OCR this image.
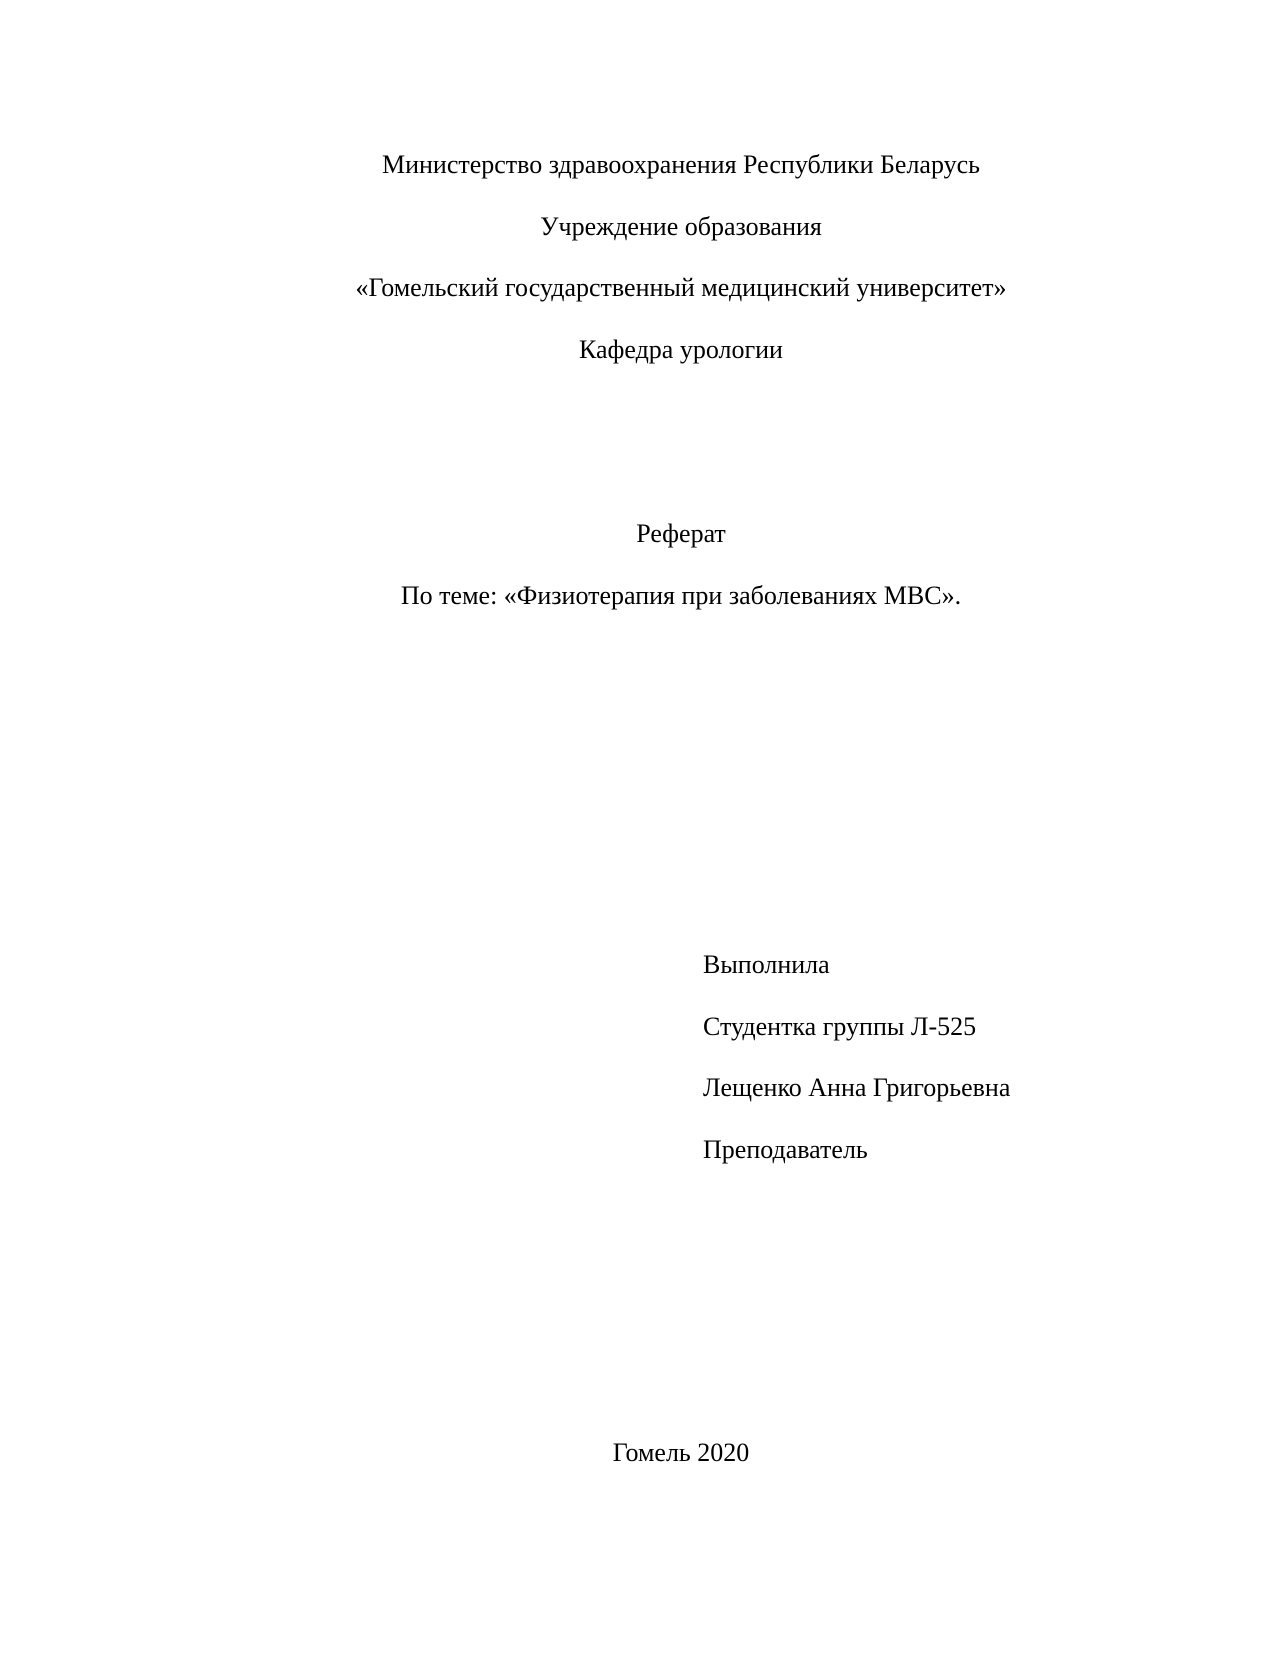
Министерство здравоохранения Республики Беларусь
Учреждение образования
«Гомельский государственный медицинский университет»
Кафедра урологии
Реферат
По теме: «Физиотерапия при заболеваниях МВС».
Выполнила
Студентка группы Л-525
Лещенко Анна Григорьевна
Преподаватель
Гомель 2020
